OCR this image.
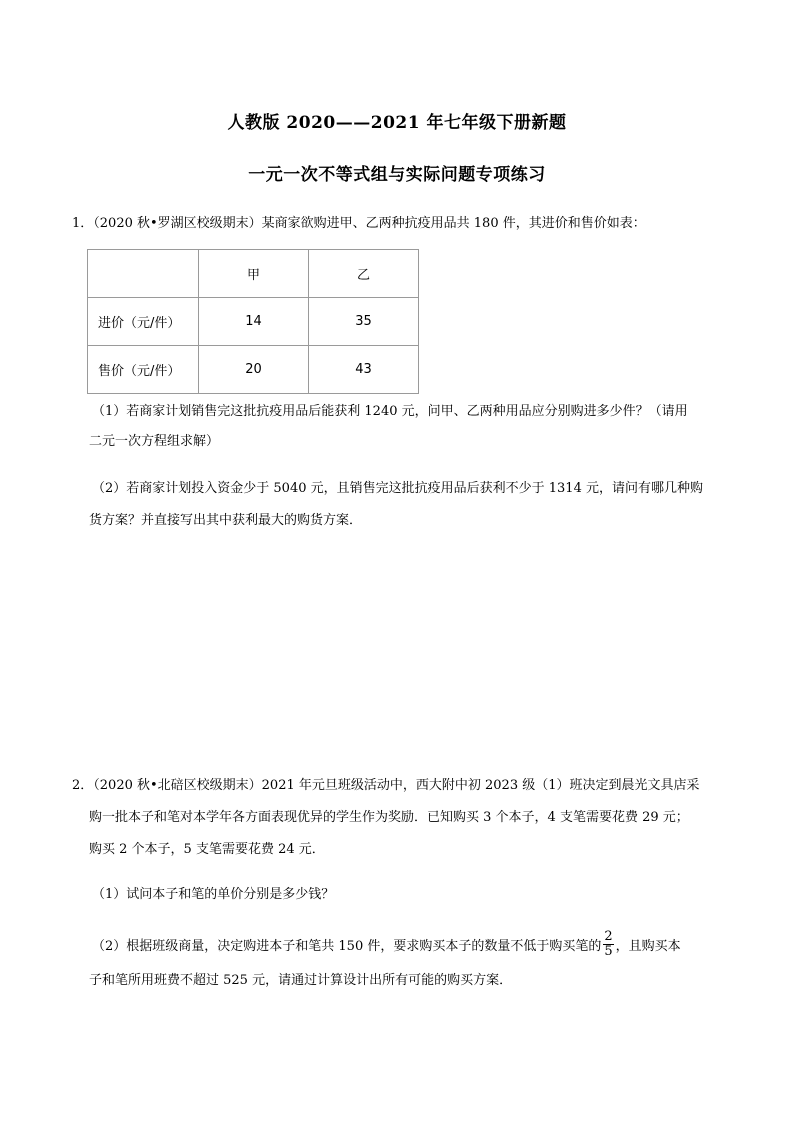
人教版 2020——2021 年七年级下册新题
一元一次不等式组与实际问题专项练习

1．（2020 秋•罗湖区校级期末）某商家欲购进甲、乙两种抗疫用品共 180 件，其进价和售价如表：

	甲	乙
进价（元/件）	14	35
售价（元/件）	20	43

（1）若商家计划销售完这批抗疫用品后能获利 1240 元，问甲、乙两种用品应分别购进多少件？（请用

二元一次方程组求解）

（2）若商家计划投入资金少于 5040 元，且销售完这批抗疫用品后获利不少于 1314 元，请问有哪几种购

货方案？并直接写出其中获利最大的购货方案．

2．（2020 秋•北碚区校级期末）2021 年元旦班级活动中，西大附中初 2023 级（1）班决定到晨光文具店采

购一批本子和笔对本学年各方面表现优异的学生作为奖励．已知购买 3 个本子，4 支笔需要花费 29 元；

购买 2 个本子，5 支笔需要花费 24 元．

（1）试问本子和笔的单价分别是多少钱？

（2）根据班级商量，决定购进本子和笔共 150 件，要求购买本子的数量不低于购买笔的 $\frac{2}{5}$ ，且购买本

子和笔所用班费不超过 525 元，请通过计算设计出所有可能的购买方案．
